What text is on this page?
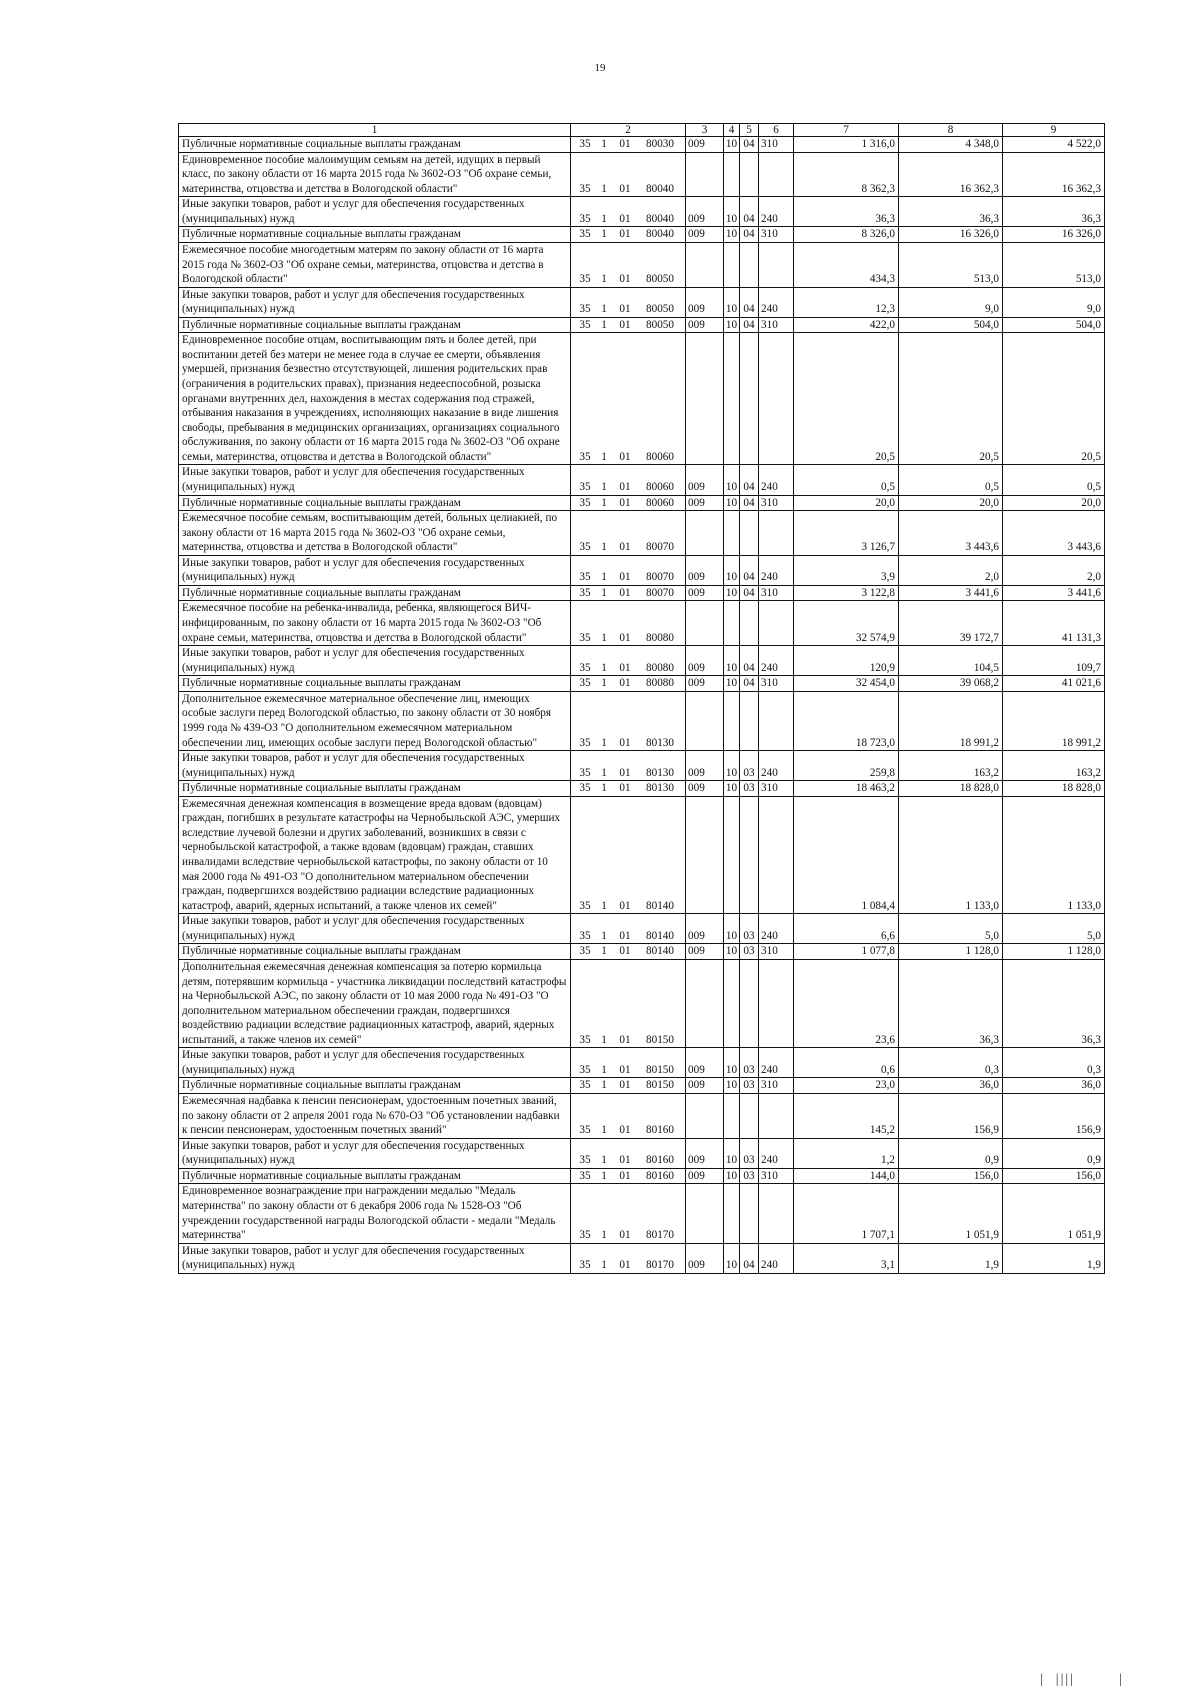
19
1	2	3	4	5	6	7	8	9
Публичные нормативные социальные выплаты гражданам	35 1 01 80030	009	10	04	310	1 316,0	4 348,0	4 522,0
Единовременное пособие малоимущим семьям на детей, идущих в первый класс, по закону области от 16 марта 2015 года № 3602-ОЗ "Об охране семьи, материнства, отцовства и детства в Вологодской области"	35 1 01 80040					8 362,3	16 362,3	16 362,3
Иные закупки товаров, работ и услуг для обеспечения государственных (муниципальных) нужд	35 1 01 80040	009	10	04	240	36,3	36,3	36,3
Публичные нормативные социальные выплаты гражданам	35 1 01 80040	009	10	04	310	8 326,0	16 326,0	16 326,0
Ежемесячное пособие многодетным матерям по закону области от 16 марта 2015 года № 3602-ОЗ "Об охране семьи, материнства, отцовства и детства в Вологодской области"	35 1 01 80050					434,3	513,0	513,0
Иные закупки товаров, работ и услуг для обеспечения государственных (муниципальных) нужд	35 1 01 80050	009	10	04	240	12,3	9,0	9,0
Публичные нормативные социальные выплаты гражданам	35 1 01 80050	009	10	04	310	422,0	504,0	504,0
Единовременное пособие отцам, воспитывающим пять и более детей, при воспитании детей без матери не менее года в случае ее смерти, объявления умершей, признания безвестно отсутствующей, лишения родительских прав (ограничения в родительских правах), признания недееспособной, розыска органами внутренних дел, нахождения в местах содержания под стражей, отбывания наказания в учреждениях, исполняющих наказание в виде лишения свободы, пребывания в медицинских организациях, организациях социального обслуживания, по закону области от 16 марта 2015 года № 3602-ОЗ "Об охране семьи, материнства, отцовства и детства в Вологодской области"	35 1 01 80060					20,5	20,5	20,5
Иные закупки товаров, работ и услуг для обеспечения государственных (муниципальных) нужд	35 1 01 80060	009	10	04	240	0,5	0,5	0,5
Публичные нормативные социальные выплаты гражданам	35 1 01 80060	009	10	04	310	20,0	20,0	20,0
Ежемесячное пособие семьям, воспитывающим детей, больных целиакией, по закону области от 16 марта 2015 года № 3602-ОЗ "Об охране семьи, материнства, отцовства и детства в Вологодской области"	35 1 01 80070					3 126,7	3 443,6	3 443,6
Иные закупки товаров, работ и услуг для обеспечения государственных (муниципальных) нужд	35 1 01 80070	009	10	04	240	3,9	2,0	2,0
Публичные нормативные социальные выплаты гражданам	35 1 01 80070	009	10	04	310	3 122,8	3 441,6	3 441,6
Ежемесячное пособие на ребенка-инвалида, ребенка, являющегося ВИЧ-инфицированным, по закону области от 16 марта 2015 года № 3602-ОЗ "Об охране семьи, материнства, отцовства и детства в Вологодской области"	35 1 01 80080					32 574,9	39 172,7	41 131,3
Иные закупки товаров, работ и услуг для обеспечения государственных (муниципальных) нужд	35 1 01 80080	009	10	04	240	120,9	104,5	109,7
Публичные нормативные социальные выплаты гражданам	35 1 01 80080	009	10	04	310	32 454,0	39 068,2	41 021,6
Дополнительное ежемесячное материальное обеспечение лиц, имеющих особые заслуги перед Вологодской областью, по закону области от 30 ноября 1999 года № 439-ОЗ "О дополнительном ежемесячном материальном обеспечении лиц, имеющих особые заслуги перед Вологодской областью"	35 1 01 80130					18 723,0	18 991,2	18 991,2
Иные закупки товаров, работ и услуг для обеспечения государственных (муниципальных) нужд	35 1 01 80130	009	10	03	240	259,8	163,2	163,2
Публичные нормативные социальные выплаты гражданам	35 1 01 80130	009	10	03	310	18 463,2	18 828,0	18 828,0
Ежемесячная денежная компенсация в возмещение вреда вдовам (вдовцам) граждан, погибших в результате катастрофы на Чернобыльской АЭС, умерших вследствие лучевой болезни и других заболеваний, возникших в связи с чернобыльской катастрофой, а также вдовам (вдовцам) граждан, ставших инвалидами вследствие чернобыльской катастрофы, по закону области от 10 мая 2000 года № 491-ОЗ "О дополнительном материальном обеспечении граждан, подвергшихся воздействию радиации вследствие радиационных катастроф, аварий, ядерных испытаний, а также членов их семей"	35 1 01 80140					1 084,4	1 133,0	1 133,0
Иные закупки товаров, работ и услуг для обеспечения государственных (муниципальных) нужд	35 1 01 80140	009	10	03	240	6,6	5,0	5,0
Публичные нормативные социальные выплаты гражданам	35 1 01 80140	009	10	03	310	1 077,8	1 128,0	1 128,0
Дополнительная ежемесячная денежная компенсация за потерю кормильца детям, потерявшим кормильца - участника ликвидации последствий катастрофы на Чернобыльской АЭС, по закону области от 10 мая 2000 года № 491-ОЗ "О дополнительном материальном обеспечении граждан, подвергшихся воздействию радиации вследствие радиационных катастроф, аварий, ядерных испытаний, а также членов их семей"	35 1 01 80150					23,6	36,3	36,3
Иные закупки товаров, работ и услуг для обеспечения государственных (муниципальных) нужд	35 1 01 80150	009	10	03	240	0,6	0,3	0,3
Публичные нормативные социальные выплаты гражданам	35 1 01 80150	009	10	03	310	23,0	36,0	36,0
Ежемесячная надбавка к пенсии пенсионерам, удостоенным почетных званий, по закону области от 2 апреля 2001 года № 670-ОЗ "Об установлении надбавки к пенсии пенсионерам, удостоенным почетных званий"	35 1 01 80160					145,2	156,9	156,9
Иные закупки товаров, работ и услуг для обеспечения государственных (муниципальных) нужд	35 1 01 80160	009	10	03	240	1,2	0,9	0,9
Публичные нормативные социальные выплаты гражданам	35 1 01 80160	009	10	03	310	144,0	156,0	156,0
Единовременное вознаграждение при награждении медалью "Медаль материнства" по закону области от 6 декабря 2006 года № 1528-ОЗ "Об учреждении государственной награды Вологодской области - медали "Медаль материнства"	35 1 01 80170					1 707,1	1 051,9	1 051,9
Иные закупки товаров, работ и услуг для обеспечения государственных (муниципальных) нужд	35 1 01 80170	009	10	04	240	3,1	1,9	1,9
|  ||||        |
